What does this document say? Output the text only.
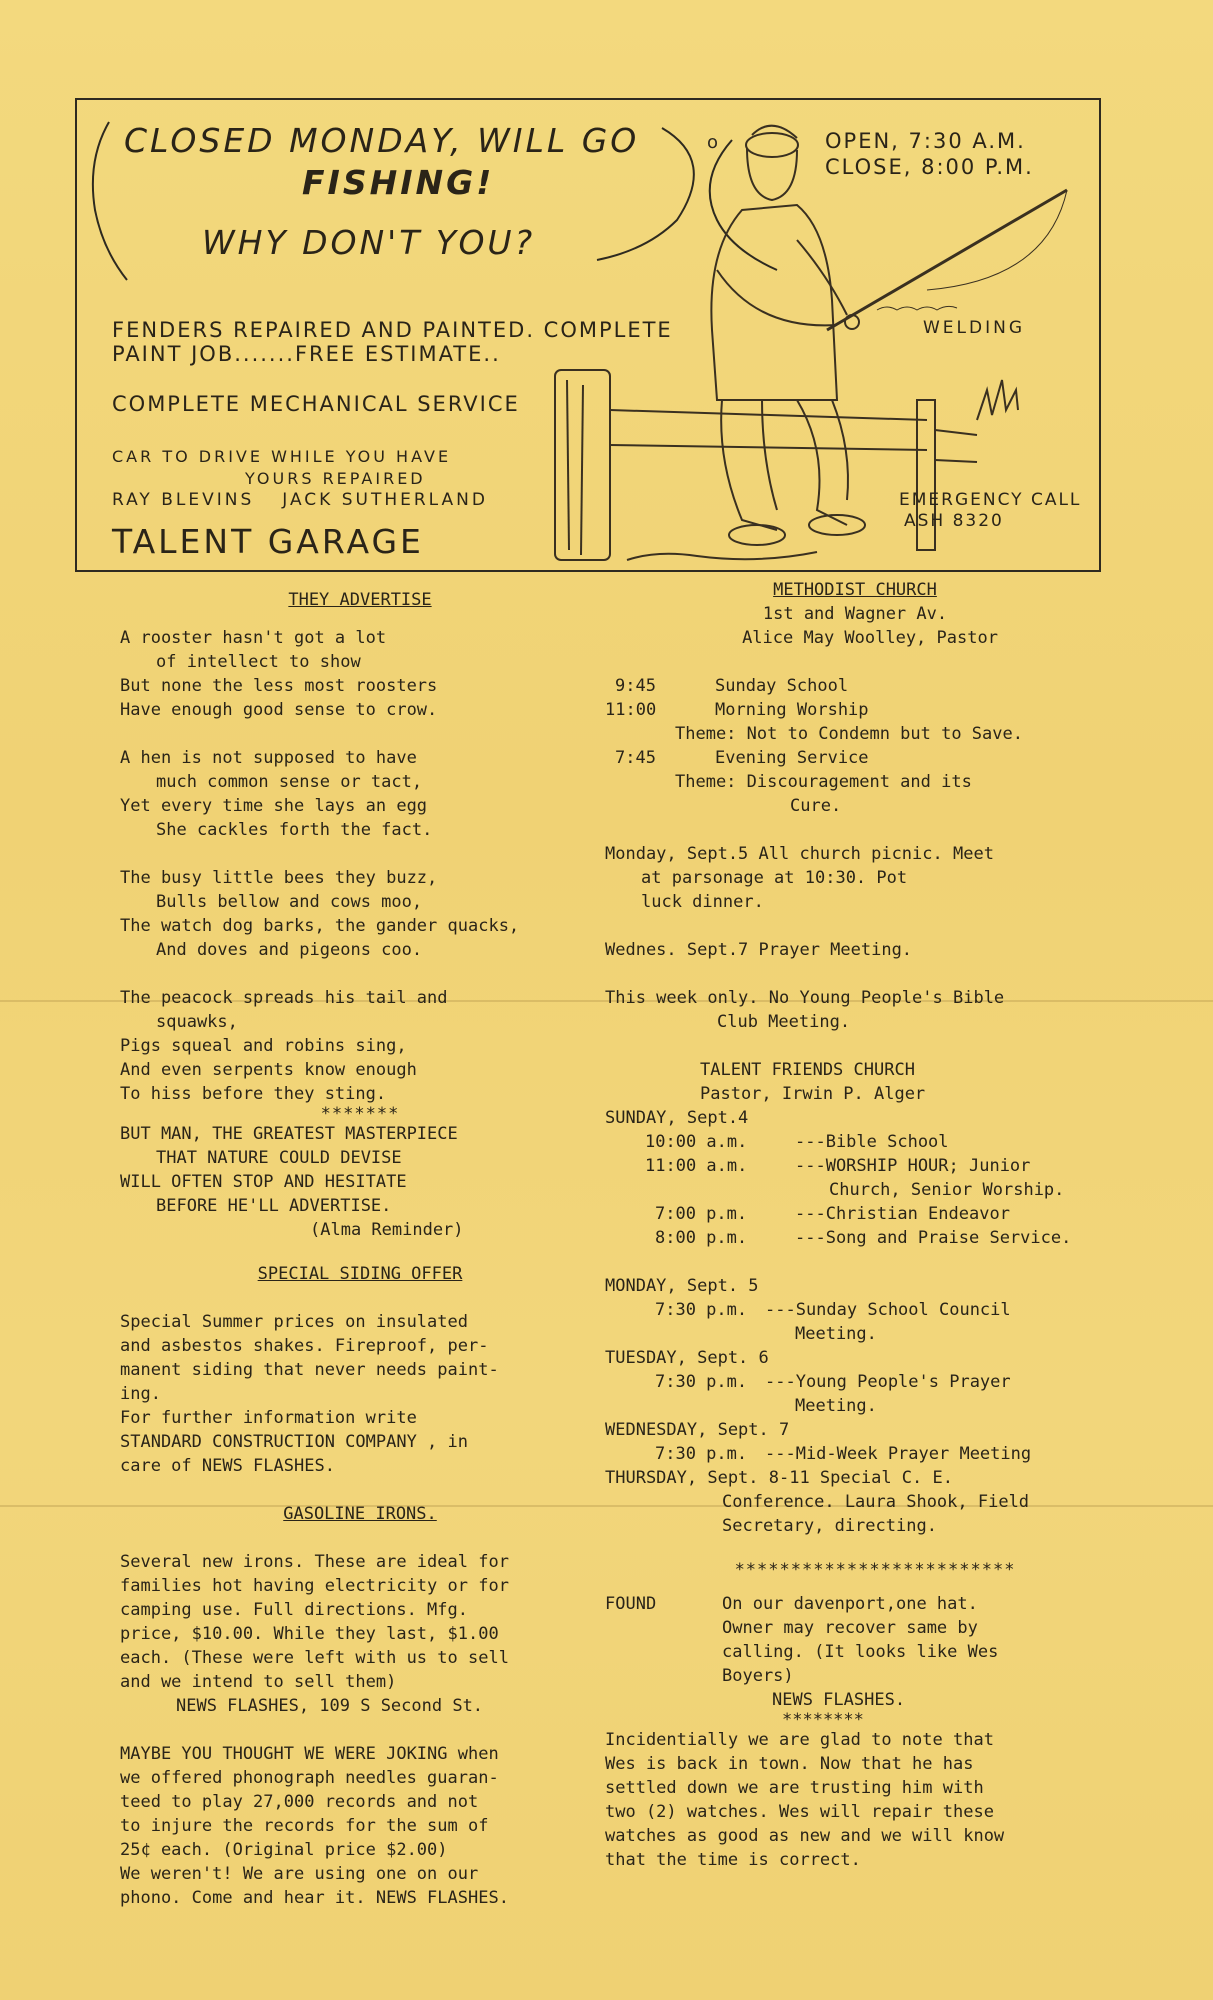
o
CLOSED MONDAY, WILL GO
FISHING!
WHY DON'T YOU?
OPEN, 7:30 A.M.
CLOSE, 8:00 P.M.
FENDERS REPAIRED AND PAINTED. COMPLETE
PAINT JOB.......FREE ESTIMATE..
COMPLETE MECHANICAL SERVICE
CAR TO DRIVE WHILE YOU HAVE
YOURS REPAIRED
RAY BLEVINS JACK SUTHERLAND
TALENT GARAGE
WELDING
EMERGENCY CALL
ASH 8320
THEY ADVERTISE
A rooster hasn't got a lot
of intellect to show
But none the less most roosters
Have enough good sense to crow.
A hen is not supposed to have
much common sense or tact,
Yet every time she lays an egg
She cackles forth the fact.
The busy little bees they buzz,
Bulls bellow and cows moo,
The watch dog barks, the gander quacks,
And doves and pigeons coo.
The peacock spreads his tail and
squawks,
Pigs squeal and robins sing,
And even serpents know enough
To hiss before they sting.
*******
BUT MAN, THE GREATEST MASTERPIECE
THAT NATURE COULD DEVISE
WILL OFTEN STOP AND HESITATE
BEFORE HE'LL ADVERTISE.
(Alma Reminder)
SPECIAL SIDING OFFER
Special Summer prices on insulated
and asbestos shakes. Fireproof, per-
manent siding that never needs paint-
ing.
For further information write
STANDARD CONSTRUCTION COMPANY , in
care of NEWS FLASHES.
GASOLINE IRONS.
Several new irons. These are ideal for
families hot having electricity or for
camping use. Full directions. Mfg.
price, $10.00. While they last, $1.00
each. (These were left with us to sell
and we intend to sell them)
NEWS FLASHES, 109 S Second St.
MAYBE YOU THOUGHT WE WERE JOKING when
we offered phonograph needles guaran-
teed to play 27,000 records and not
to injure the records for the sum of
25¢ each. (Original price $2.00)
We weren't! We are using one on our
phono. Come and hear it. NEWS FLASHES.
METHODIST CHURCH
1st and Wagner Av.
Alice May Woolley, Pastor
9:45	Sunday School
11:00	Morning Worship
Theme: Not to Condemn but to Save.
7:45	Evening Service
Theme: Discouragement and its
Cure.
Monday, Sept.5 All church picnic. Meet
at parsonage at 10:30. Pot
luck dinner.
Wednes. Sept.7 Prayer Meeting.
This week only. No Young People's Bible
Club Meeting.
TALENT FRIENDS CHURCH
Pastor, Irwin P. Alger
SUNDAY, Sept.4
10:00 a.m.	---Bible School
11:00 a.m.	---WORSHIP HOUR; Junior
Church, Senior Worship.
7:00 p.m.	---Christian Endeavor
8:00 p.m.	---Song and Praise Service.
MONDAY, Sept. 5
7:30 p.m.	---Sunday School Council
Meeting.
TUESDAY, Sept. 6
7:30 p.m.	---Young People's Prayer
Meeting.
WEDNESDAY, Sept. 7
7:30 p.m.	---Mid-Week Prayer Meeting
THURSDAY, Sept. 8-11 Special C. E.
Conference. Laura Shook, Field
Secretary, directing.
*************************
FOUND	On our davenport,one hat.
Owner may recover same by
calling. (It looks like Wes
Boyers)
NEWS FLASHES.
********
Incidentially we are glad to note that
Wes is back in town. Now that he has
settled down we are trusting him with
two (2) watches. Wes will repair these
watches as good as new and we will know
that the time is correct.
